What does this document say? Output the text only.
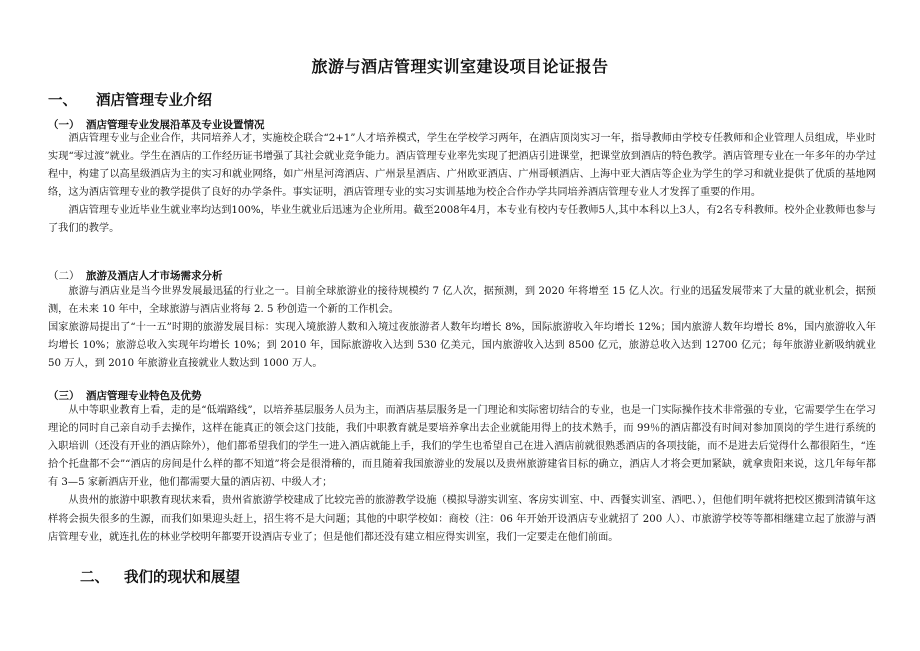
旅游与酒店管理实训室建设项目论证报告
一、 酒店管理专业介绍
（一） 酒店管理专业发展沿革及专业设置情况

酒店管理专业与企业合作，共同培养人才，实施校企联合“2+1”人才培养模式，学生在学校学习两年，在酒店顶岗实习一年，指导教师由学校专任教师和企业管理人员组成，毕业时实现“零过渡”就业。学生在酒店的工作经历证书增强了其社会就业竞争能力。酒店管理专业率先实现了把酒店引进课堂，把课堂放到酒店的特色教学。酒店管理专业在一年多年的办学过程中，构建了以高星级酒店为主的实习和就业网络，如广州星河湾酒店、广州景星酒店、广州欧亚酒店、广州哥顿酒店、上海中亚大酒店等企业为学生的学习和就业提供了优质的基地网络，这为酒店管理专业的教学提供了良好的办学条件。事实证明，酒店管理专业的实习实训基地为校企合作办学共同培养酒店管理专业人才发挥了重要的作用。

酒店管理专业近毕业生就业率均达到100%，毕业生就业后迅速为企业所用。截至2008年4月，本专业有校内专任教师5人,其中本科以上3人，有2名专科教师。校外企业教师也参与了我们的教学。

（二） 旅游及酒店人才市场需求分析

旅游与酒店业是当今世界发展最迅猛的行业之一。目前全球旅游业的接待规模约 7 亿人次，据预测，到 2020 年将增至 15 亿人次。行业的迅猛发展带来了大量的就业机会，据预测，在未来 10 年中，全球旅游与酒店业将每 2. 5 秒创造一个新的工作机会。

国家旅游局提出了“十一五”时期的旅游发展目标：实现入境旅游人数和入境过夜旅游者人数年均增长 8%，国际旅游收入年均增长 12%；国内旅游人数年均增长 8%，国内旅游收入年均增长 10%；旅游总收入实现年均增长 10%；到 2010 年，国际旅游收入达到 530 亿美元，国内旅游收入达到 8500 亿元，旅游总收入达到 12700 亿元；每年旅游业新吸纳就业 50 万人，到 2010 年旅游业直接就业人数达到 1000 万人。

（三） 酒店管理专业特色及优势

从中等职业教育上看，走的是“低端路线”，以培养基层服务人员为主，而酒店基层服务是一门理论和实际密切结合的专业，也是一门实际操作技术非常强的专业，它需要学生在学习理论的同时自己亲自动手去操作，这样在能真正的领会这门技能，我们中职教育就是要培养拿出去企业就能用得上的技术熟手，而 99％的酒店都没有时间对参加顶岗的学生进行系统的入职培训（还没有开业的酒店除外），他们都希望我们的学生一进入酒店就能上手，我们的学生也希望自己在进入酒店前就很熟悉酒店的各项技能，而不是进去后觉得什么都很陌生，“连拾个托盘都不会”“酒店的房间是什么样的都不知道”将会是很滑稽的，而且随着我国旅游业的发展以及贵州旅游建省目标的确立，酒店人才将会更加紧缺，就拿贵阳来说，这几年每年都有 3—5 家新酒店开业，他们都需要大量的酒店初、中级人才；

从贵州的旅游中职教育现状来看，贵州省旅游学校建成了比较完善的旅游教学设施（模拟导游实训室、客房实训室、中、西餐实训室、酒吧、），但他们明年就将把校区搬到清镇年这样将会损失很多的生源，而我们如果迎头赶上，招生将不是大问题；其他的中职学校如：商校（注：06 年开始开设酒店专业就招了 200 人）、市旅游学校等等都相继建立起了旅游与酒店管理专业，就连扎佐的林业学校明年都要开设酒店专业了；但是他们都还没有建立相应得实训室，我们一定要走在他们前面。

二、 我们的现状和展望
